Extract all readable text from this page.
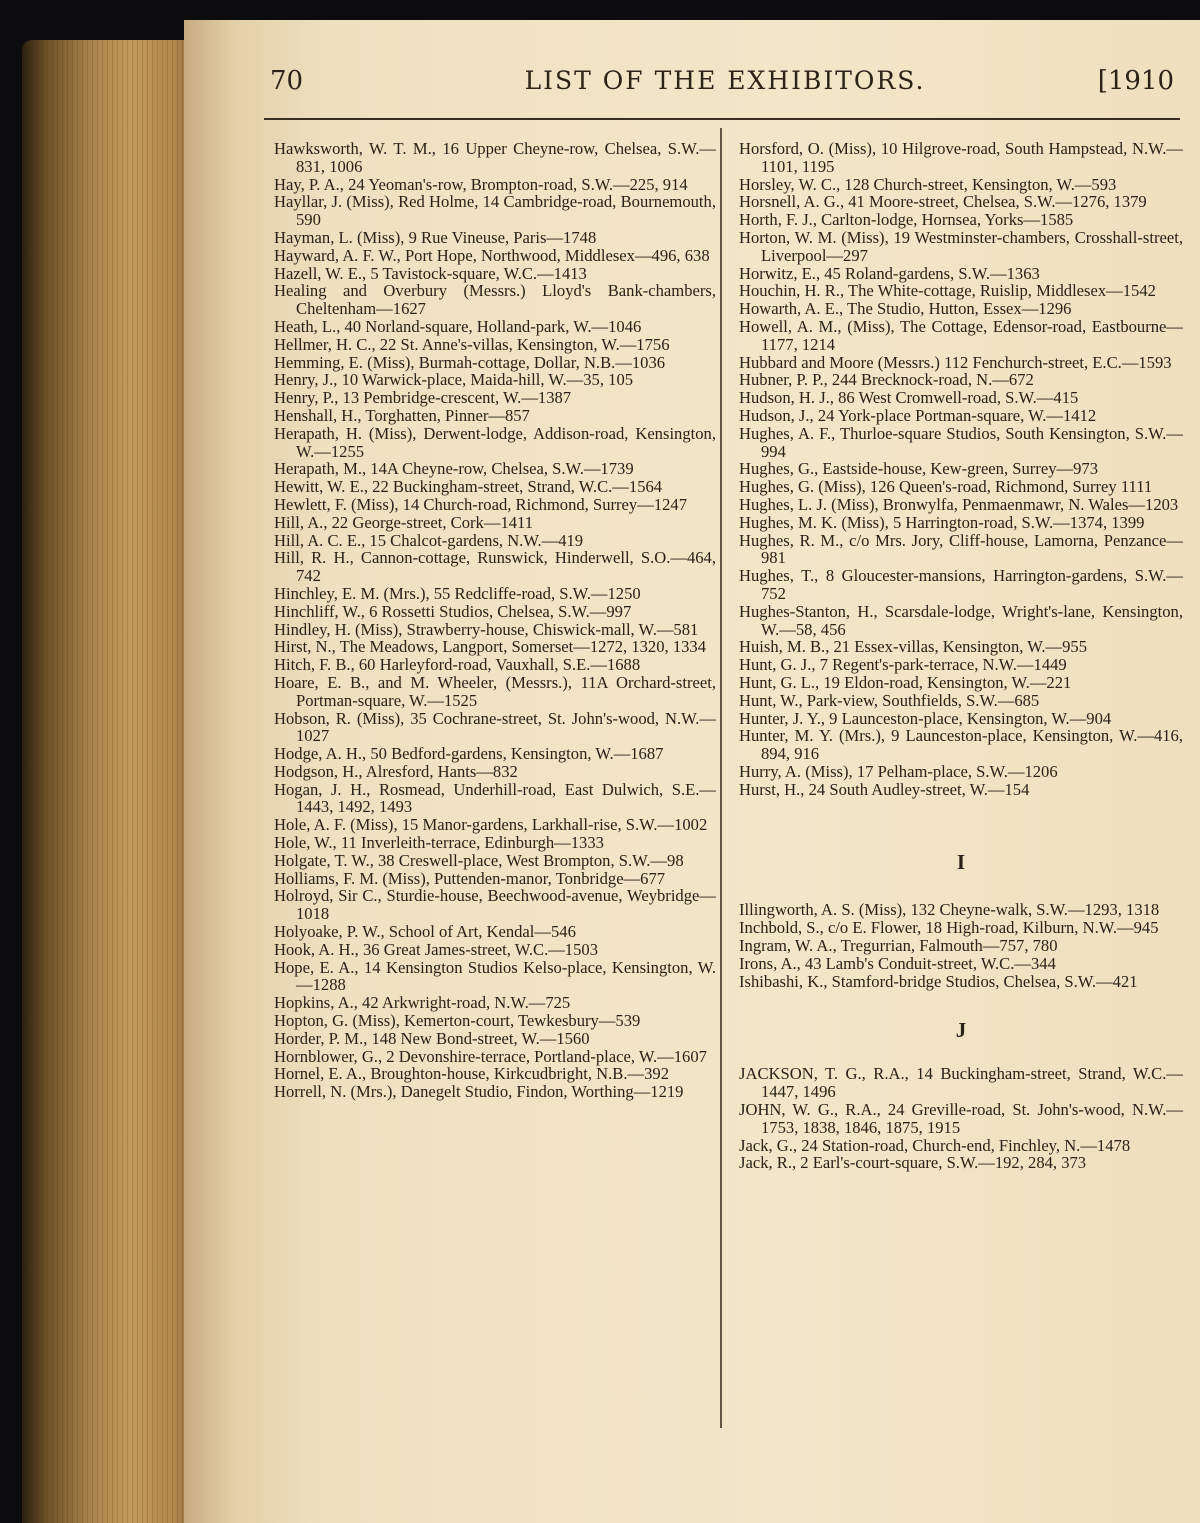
70	LIST OF THE EXHIBITORS.	[1910

Hawksworth, W. T. M., 16 Upper Cheyne-row, Chelsea, S.W.—831, 1006

Hay, P. A., 24 Yeoman's-row, Brompton-road, S.W.—225, 914

Hayllar, J. (Miss), Red Holme, 14 Cambridge-road, Bournemouth, 590

Hayman, L. (Miss), 9 Rue Vineuse, Paris—1748

Hayward, A. F. W., Port Hope, Northwood, Middlesex—496, 638

Hazell, W. E., 5 Tavistock-square, W.C.—1413

Healing and Overbury (Messrs.) Lloyd's Bank-chambers, Cheltenham—1627

Heath, L., 40 Norland-square, Holland-park, W.—1046

Hellmer, H. C., 22 St. Anne's-villas, Kensington, W.—1756

Hemming, E. (Miss), Burmah-cottage, Dollar, N.B.—1036

Henry, J., 10 Warwick-place, Maida-hill, W.—35, 105

Henry, P., 13 Pembridge-crescent, W.—1387

Henshall, H., Torghatten, Pinner—857

Herapath, H. (Miss), Derwent-lodge, Addison-road, Kensington, W.—1255

Herapath, M., 14A Cheyne-row, Chelsea, S.W.—1739

Hewitt, W. E., 22 Buckingham-street, Strand, W.C.—1564

Hewlett, F. (Miss), 14 Church-road, Richmond, Surrey—1247

Hill, A., 22 George-street, Cork—1411

Hill, A. C. E., 15 Chalcot-gardens, N.W.—419

Hill, R. H., Cannon-cottage, Runswick, Hinderwell, S.O.—464, 742

Hinchley, E. M. (Mrs.), 55 Redcliffe-road, S.W.—1250

Hinchliff, W., 6 Rossetti Studios, Chelsea, S.W.—997

Hindley, H. (Miss), Strawberry-house, Chiswick-mall, W.—581

Hirst, N., The Meadows, Langport, Somerset—1272, 1320, 1334

Hitch, F. B., 60 Harleyford-road, Vauxhall, S.E.—1688

Hoare, E. B., and M. Wheeler, (Messrs.), 11A Orchard-street, Portman-square, W.—1525

Hobson, R. (Miss), 35 Cochrane-street, St. John's-wood, N.W.—1027

Hodge, A. H., 50 Bedford-gardens, Kensington, W.—1687

Hodgson, H., Alresford, Hants—832

Hogan, J. H., Rosmead, Underhill-road, East Dulwich, S.E.—1443, 1492, 1493

Hole, A. F. (Miss), 15 Manor-gardens, Larkhall-rise, S.W.—1002

Hole, W., 11 Inverleith-terrace, Edinburgh—1333

Holgate, T. W., 38 Creswell-place, West Brompton, S.W.—98

Holliams, F. M. (Miss), Puttenden-manor, Tonbridge—677

Holroyd, Sir C., Sturdie-house, Beechwood-avenue, Weybridge—1018

Holyoake, P. W., School of Art, Kendal—546

Hook, A. H., 36 Great James-street, W.C.—1503

Hope, E. A., 14 Kensington Studios Kelso-place, Kensington, W.—1288

Hopkins, A., 42 Arkwright-road, N.W.—725

Hopton, G. (Miss), Kemerton-court, Tewkesbury—539

Horder, P. M., 148 New Bond-street, W.—1560

Hornblower, G., 2 Devonshire-terrace, Portland-place, W.—1607

Hornel, E. A., Broughton-house, Kirkcudbright, N.B.—392

Horrell, N. (Mrs.), Danegelt Studio, Findon, Worthing—1219

Horsford, O. (Miss), 10 Hilgrove-road, South Hampstead, N.W.—1101, 1195

Horsley, W. C., 128 Church-street, Kensington, W.—593

Horsnell, A. G., 41 Moore-street, Chelsea, S.W.—1276, 1379

Horth, F. J., Carlton-lodge, Hornsea, Yorks—1585

Horton, W. M. (Miss), 19 Westminster-chambers, Crosshall-street, Liverpool—297

Horwitz, E., 45 Roland-gardens, S.W.—1363

Houchin, H. R., The White-cottage, Ruislip, Middlesex—1542

Howarth, A. E., The Studio, Hutton, Essex—1296

Howell, A. M., (Miss), The Cottage, Edensor-road, Eastbourne—1177, 1214

Hubbard and Moore (Messrs.) 112 Fenchurch-street, E.C.—1593

Hubner, P. P., 244 Brecknock-road, N.—672

Hudson, H. J., 86 West Cromwell-road, S.W.—415

Hudson, J., 24 York-place Portman-square, W.—1412

Hughes, A. F., Thurloe-square Studios, South Kensington, S.W.—994

Hughes, G., Eastside-house, Kew-green, Surrey—973

Hughes, G. (Miss), 126 Queen's-road, Richmond, Surrey 1111

Hughes, L. J. (Miss), Bronwylfa, Penmaenmawr, N. Wales—1203

Hughes, M. K. (Miss), 5 Harrington-road, S.W.—1374, 1399

Hughes, R. M., c/o Mrs. Jory, Cliff-house, Lamorna, Penzance—981

Hughes, T., 8 Gloucester-mansions, Harrington-gardens, S.W.—752

Hughes-Stanton, H., Scarsdale-lodge, Wright's-lane, Kensington, W.—58, 456

Huish, M. B., 21 Essex-villas, Kensington, W.—955

Hunt, G. J., 7 Regent's-park-terrace, N.W.—1449

Hunt, G. L., 19 Eldon-road, Kensington, W.—221

Hunt, W., Park-view, Southfields, S.W.—685

Hunter, J. Y., 9 Launceston-place, Kensington, W.—904

Hunter, M. Y. (Mrs.), 9 Launceston-place, Kensington, W.—416, 894, 916

Hurry, A. (Miss), 17 Pelham-place, S.W.—1206

Hurst, H., 24 South Audley-street, W.—154

I

Illingworth, A. S. (Miss), 132 Cheyne-walk, S.W.—1293, 1318

Inchbold, S., c/o E. Flower, 18 High-road, Kilburn, N.W.—945

Ingram, W. A., Tregurrian, Falmouth—757, 780

Irons, A., 43 Lamb's Conduit-street, W.C.—344

Ishibashi, K., Stamford-bridge Studios, Chelsea, S.W.—421

J

JACKSON, T. G., R.A., 14 Buckingham-street, Strand, W.C.—1447, 1496

JOHN, W. G., R.A., 24 Greville-road, St. John's-wood, N.W.—1753, 1838, 1846, 1875, 1915

Jack, G., 24 Station-road, Church-end, Finchley, N.—1478

Jack, R., 2 Earl's-court-square, S.W.—192, 284, 373
